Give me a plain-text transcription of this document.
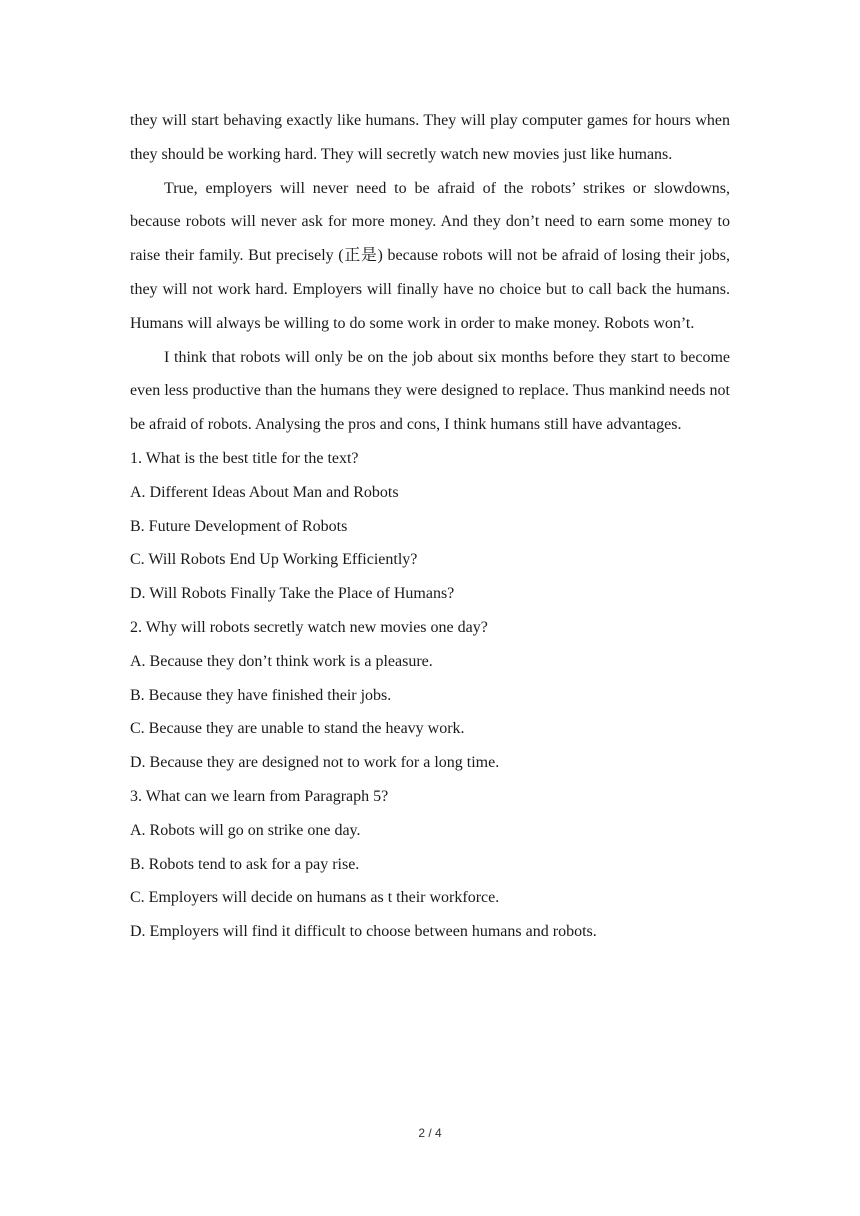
they will start behaving exactly like humans. They will play computer games for hours when they should be working hard. They will secretly watch new movies just like humans.

True, employers will never need to be afraid of the robots’ strikes or slowdowns, because robots will never ask for more money. And they don’t need to earn some money to raise their family. But precisely (正是) because robots will not be afraid of losing their jobs, they will not work hard. Employers will finally have no choice but to call back the humans. Humans will always be willing to do some work in order to make money. Robots won’t.

I think that robots will only be on the job about six months before they start to become even less productive than the humans they were designed to replace. Thus mankind needs not be afraid of robots. Analysing the pros and cons, I think humans still have advantages.

1. What is the best title for the text?

A. Different Ideas About Man and Robots

B. Future Development of Robots

C. Will Robots End Up Working Efficiently?

D. Will Robots Finally Take the Place of Humans?

2. Why will robots secretly watch new movies one day?

A. Because they don’t think work is a pleasure.

B. Because they have finished their jobs.

C. Because they are unable to stand the heavy work.

D. Because they are designed not to work for a long time.

3. What can we learn from Paragraph 5?

A. Robots will go on strike one day.

B. Robots tend to ask for a pay rise.

C. Employers will decide on humans as t their workforce.

D. Employers will find it difficult to choose between humans and robots.

2 / 4
